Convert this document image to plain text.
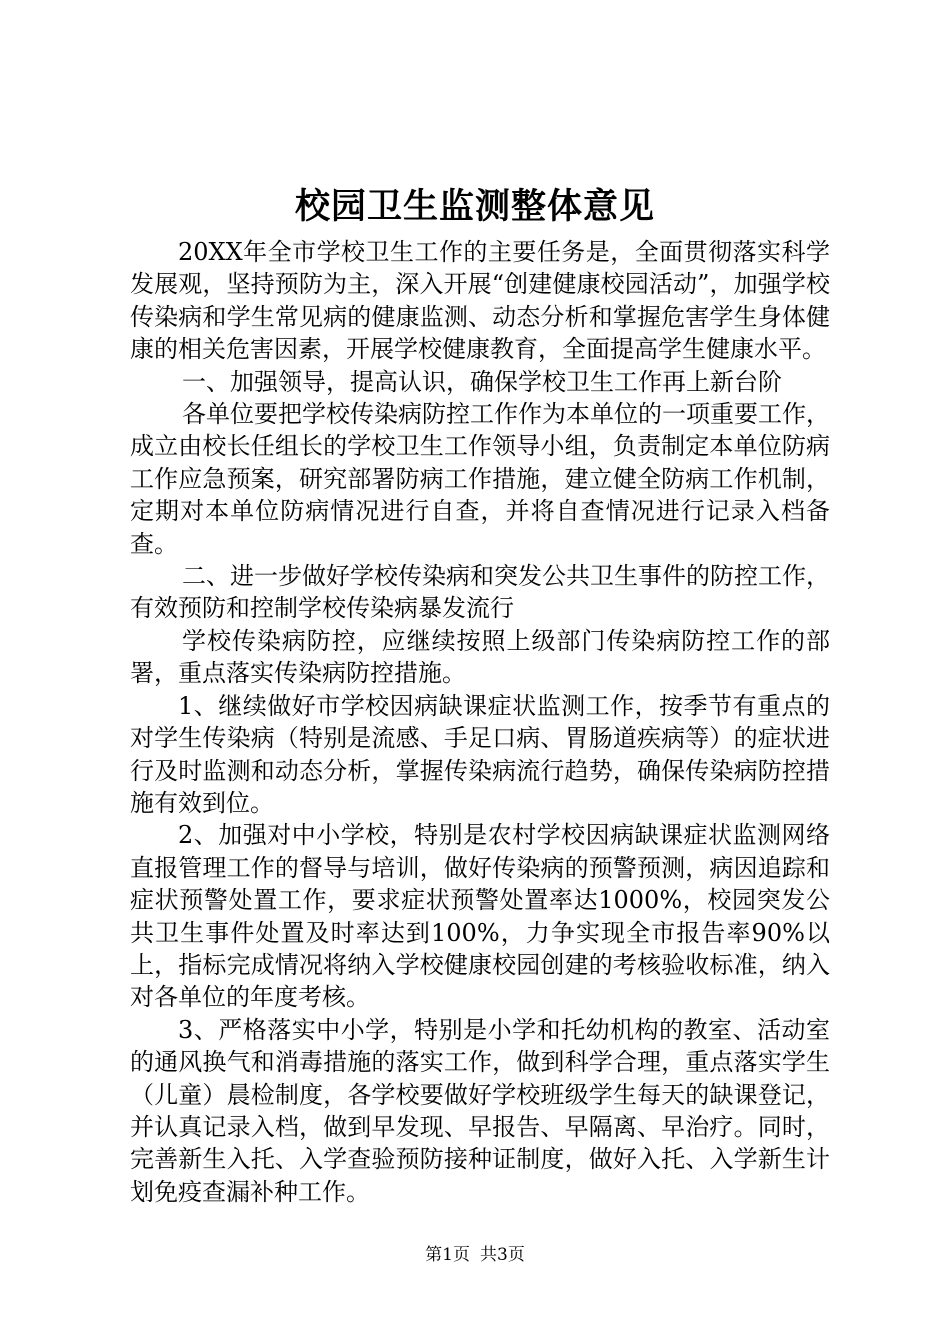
校园卫生监测整体意见

20XX年全市学校卫生工作的主要任务是，全面贯彻落实科学发展观，坚持预防为主，深入开展“创建健康校园活动”，加强学校传染病和学生常见病的健康监测、动态分析和掌握危害学生身体健康的相关危害因素，开展学校健康教育，全面提高学生健康水平。

一、加强领导，提高认识，确保学校卫生工作再上新台阶

各单位要把学校传染病防控工作作为本单位的一项重要工作，成立由校长任组长的学校卫生工作领导小组，负责制定本单位防病工作应急预案，研究部署防病工作措施，建立健全防病工作机制，定期对本单位防病情况进行自查，并将自查情况进行记录入档备查。

二、进一步做好学校传染病和突发公共卫生事件的防控工作，有效预防和控制学校传染病暴发流行

学校传染病防控，应继续按照上级部门传染病防控工作的部署，重点落实传染病防控措施。

1、继续做好市学校因病缺课症状监测工作，按季节有重点的对学生传染病（特别是流感、手足口病、胃肠道疾病等）的症状进行及时监测和动态分析，掌握传染病流行趋势，确保传染病防控措施有效到位。

2、加强对中小学校，特别是农村学校因病缺课症状监测网络直报管理工作的督导与培训，做好传染病的预警预测，病因追踪和症状预警处置工作，要求症状预警处置率达1000%，校园突发公共卫生事件处置及时率达到100%，力争实现全市报告率90%以上，指标完成情况将纳入学校健康校园创建的考核验收标准，纳入对各单位的年度考核。

3、严格落实中小学，特别是小学和托幼机构的教室、活动室的通风换气和消毒措施的落实工作，做到科学合理，重点落实学生（儿童）晨检制度，各学校要做好学校班级学生每天的缺课登记，并认真记录入档，做到早发现、早报告、早隔离、早治疗。同时，完善新生入托、入学查验预防接种证制度，做好入托、入学新生计划免疫查漏补种工作。

第1页 共3页
